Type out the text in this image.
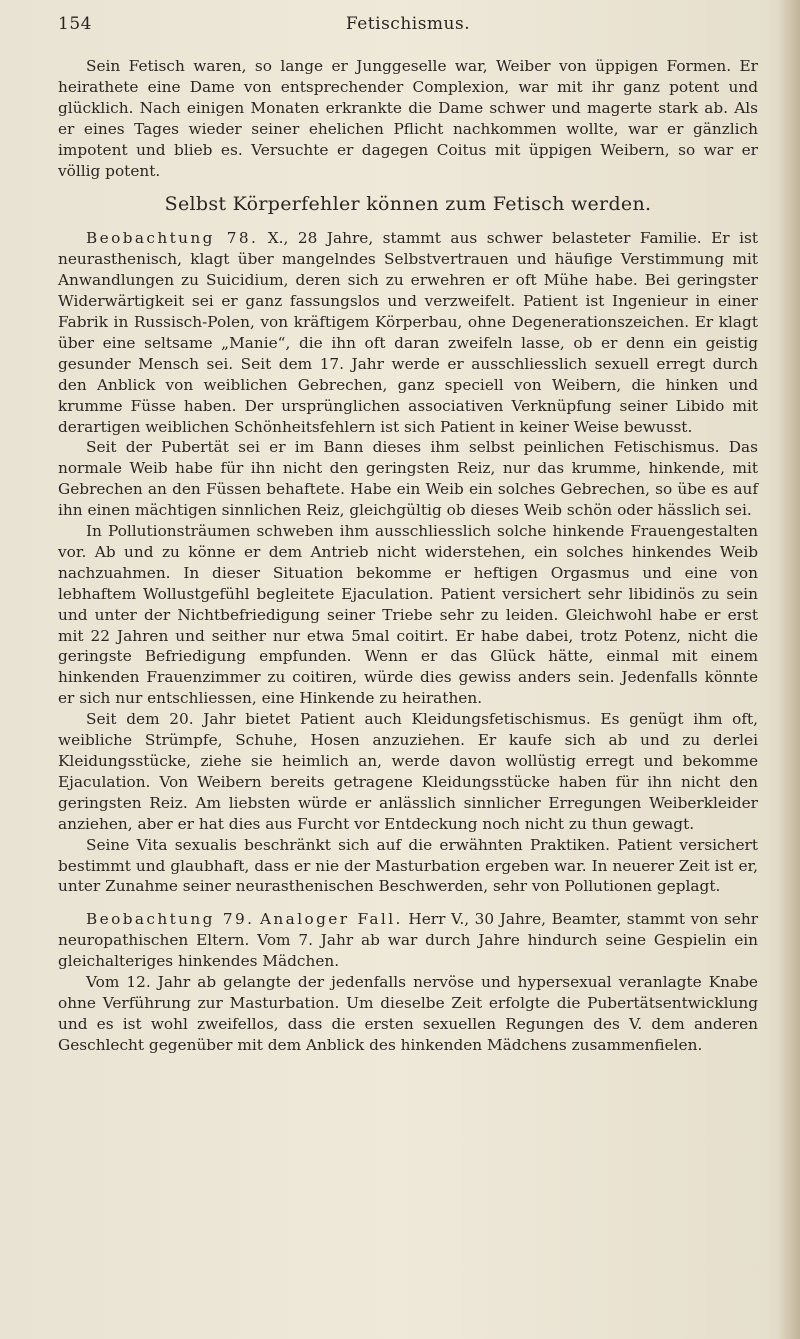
154	Fetischismus.

Sein Fetisch waren, so lange er Junggeselle war, Weiber von üppigen Formen. Er heirathete eine Dame von entsprechender Complexion, war mit ihr ganz potent und glücklich. Nach einigen Monaten erkrankte die Dame schwer und magerte stark ab. Als er eines Tages wieder seiner ehelichen Pflicht nachkommen wollte, war er gänzlich impotent und blieb es. Versuchte er dagegen Coitus mit üppigen Weibern, so war er völlig potent.

Selbst Körperfehler können zum Fetisch werden.

Beobachtung 78. X., 28 Jahre, stammt aus schwer belasteter Familie. Er ist neurasthenisch, klagt über mangelndes Selbstvertrauen und häufige Verstimmung mit Anwandlungen zu Suicidium, deren sich zu erwehren er oft Mühe habe. Bei geringster Widerwärtigkeit sei er ganz fassungslos und verzweifelt. Patient ist Ingenieur in einer Fabrik in Russisch-Polen, von kräftigem Körperbau, ohne Degenerationszeichen. Er klagt über eine seltsame „Manie“, die ihn oft daran zweifeln lasse, ob er denn ein geistig gesunder Mensch sei. Seit dem 17. Jahr werde er ausschliesslich sexuell erregt durch den Anblick von weiblichen Gebrechen, ganz speciell von Weibern, die hinken und krumme Füsse haben. Der ursprünglichen associativen Verknüpfung seiner Libido mit derartigen weiblichen Schönheitsfehlern ist sich Patient in keiner Weise bewusst.

Seit der Pubertät sei er im Bann dieses ihm selbst peinlichen Fetischismus. Das normale Weib habe für ihn nicht den geringsten Reiz, nur das krumme, hinkende, mit Gebrechen an den Füssen behaftete. Habe ein Weib ein solches Gebrechen, so übe es auf ihn einen mächtigen sinnlichen Reiz, gleichgültig ob dieses Weib schön oder hässlich sei.

In Pollutionsträumen schweben ihm ausschliesslich solche hinkende Frauengestalten vor. Ab und zu könne er dem Antrieb nicht widerstehen, ein solches hinkendes Weib nachzuahmen. In dieser Situation bekomme er heftigen Orgasmus und eine von lebhaftem Wollustgefühl begleitete Ejaculation. Patient versichert sehr libidinös zu sein und unter der Nichtbefriedigung seiner Triebe sehr zu leiden. Gleichwohl habe er erst mit 22 Jahren und seither nur etwa 5mal coitirt. Er habe dabei, trotz Potenz, nicht die geringste Befriedigung empfunden. Wenn er das Glück hätte, einmal mit einem hinkenden Frauenzimmer zu coitiren, würde dies gewiss anders sein. Jedenfalls könnte er sich nur entschliessen, eine Hinkende zu heirathen.

Seit dem 20. Jahr bietet Patient auch Kleidungsfetischismus. Es genügt ihm oft, weibliche Strümpfe, Schuhe, Hosen anzuziehen. Er kaufe sich ab und zu derlei Kleidungsstücke, ziehe sie heimlich an, werde davon wollüstig erregt und bekomme Ejaculation. Von Weibern bereits getragene Kleidungsstücke haben für ihn nicht den geringsten Reiz. Am liebsten würde er anlässlich sinnlicher Erregungen Weiberkleider anziehen, aber er hat dies aus Furcht vor Entdeckung noch nicht zu thun gewagt.

Seine Vita sexualis beschränkt sich auf die erwähnten Praktiken. Patient versichert bestimmt und glaubhaft, dass er nie der Masturbation ergeben war. In neuerer Zeit ist er, unter Zunahme seiner neurasthenischen Beschwerden, sehr von Pollutionen geplagt.

Beobachtung 79. Analoger Fall. Herr V., 30 Jahre, Beamter, stammt von sehr neuropathischen Eltern. Vom 7. Jahr ab war durch Jahre hindurch seine Gespielin ein gleichalteriges hinkendes Mädchen.

Vom 12. Jahr ab gelangte der jedenfalls nervöse und hypersexual veranlagte Knabe ohne Verführung zur Masturbation. Um dieselbe Zeit erfolgte die Pubertätsentwicklung und es ist wohl zweifellos, dass die ersten sexuellen Regungen des V. dem anderen Geschlecht gegenüber mit dem Anblick des hinkenden Mädchens zusammenfielen.
